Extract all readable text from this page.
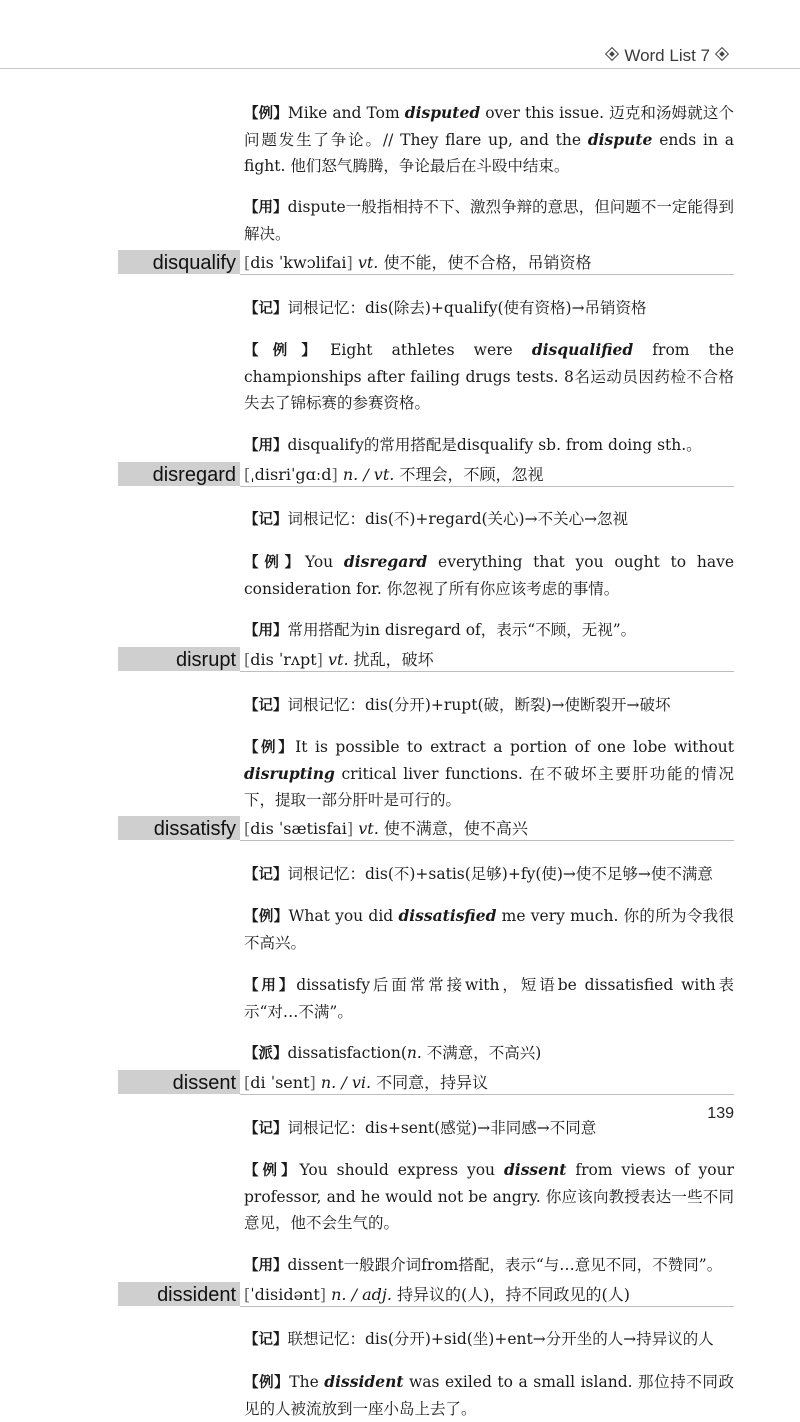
Word List 7

【例】Mike and Tom disputed over this issue. 迈克和汤姆就这个问题发生了争论。// They flare up, and the dispute ends in a fight. 他们怒气腾腾，争论最后在斗殴中结束。

【用】dispute一般指相持不下、激烈争辩的意思，但问题不一定能得到解决。

disqualify [dis ˈkwɔlifai] vt. 使不能，使不合格，吊销资格

【记】词根记忆：dis(除去)+qualify(使有资格)→吊销资格

【例】Eight athletes were disqualified from the championships after failing drugs tests. 8名运动员因药检不合格失去了锦标赛的参赛资格。

【用】disqualify的常用搭配是disqualify sb. from doing sth.。

disregard [ˌdisriˈgɑːd] n. / vt. 不理会，不顾，忽视

【记】词根记忆：dis(不)+regard(关心)→不关心→忽视

【例】You disregard everything that you ought to have consideration for. 你忽视了所有你应该考虑的事情。

【用】常用搭配为in disregard of，表示“不顾，无视”。

disrupt [dis ˈrʌpt] vt. 扰乱，破坏

【记】词根记忆：dis(分开)+rupt(破，断裂)→使断裂开→破坏

【例】It is possible to extract a portion of one lobe without disrupting critical liver functions. 在不破坏主要肝功能的情况下，提取一部分肝叶是可行的。

dissatisfy [dis ˈsætisfai] vt. 使不满意，使不高兴

【记】词根记忆：dis(不)+satis(足够)+fy(使)→使不足够→使不满意

【例】What you did dissatisfied me very much. 你的所为令我很不高兴。

【用】dissatisfy后面常常接with，短语be dissatisfied with表示“对…不满”。

【派】dissatisfaction(n. 不满意，不高兴)

dissent [di ˈsent] n. / vi. 不同意，持异议

【记】词根记忆：dis+sent(感觉)→非同感→不同意

【例】You should express you dissent from views of your professor, and he would not be angry. 你应该向教授表达一些不同意见，他不会生气的。

【用】dissent一般跟介词from搭配，表示“与…意见不同，不赞同”。

dissident [ˈdisidənt] n. / adj. 持异议的(人)，持不同政见的(人)

【记】联想记忆：dis(分开)+sid(坐)+ent→分开坐的人→持异议的人

【例】The dissident was exiled to a small island. 那位持不同政见的人被流放到一座小岛上去了。

139
